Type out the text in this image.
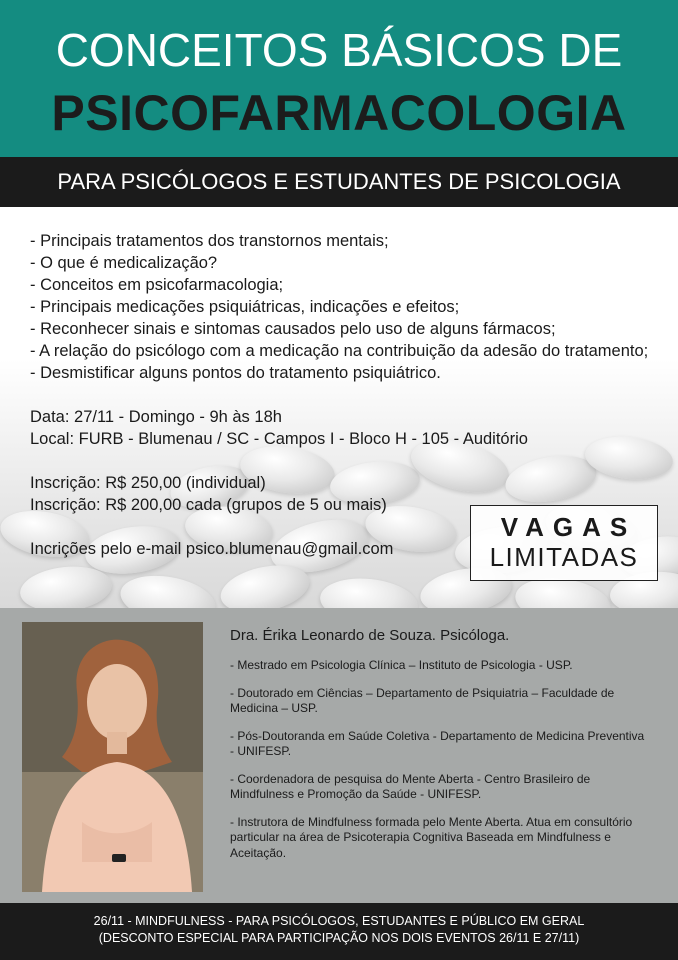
CONCEITOS BÁSICOS DE
PSICOFARMACOLOGIA
PARA PSICÓLOGOS E ESTUDANTES DE PSICOLOGIA
- Principais tratamentos dos transtornos mentais;
- O que é medicalização?
- Conceitos em psicofarmacologia;
- Principais medicações psiquiátricas, indicações e efeitos;
- Reconhecer sinais e sintomas causados pelo uso de alguns fármacos;
- A relação do psicólogo com a medicação na contribuição da adesão do tratamento;
- Desmistificar alguns pontos do tratamento psiquiátrico.
Data: 27/11 - Domingo - 9h às 18h
Local: FURB - Blumenau / SC - Campos I - Bloco H - 105 - Auditório
Inscrição: R$ 250,00 (individual)
Inscrição: R$ 200,00 cada (grupos de 5 ou mais)
Incrições pelo e-mail psico.blumenau@gmail.com
VAGAS
LIMITADAS
Dra. Érika Leonardo de Souza. Psicóloga.
- Mestrado em Psicologia Clínica – Instituto de Psicologia - USP.
- Doutorado em Ciências – Departamento de Psiquiatria – Faculdade de Medicina – USP.
- Pós-Doutoranda em Saúde Coletiva - Departamento de Medicina Preventiva - UNIFESP.
- Coordenadora de pesquisa do Mente Aberta - Centro Brasileiro de Mindfulness e Promoção da Saúde - UNIFESP.
- Instrutora de Mindfulness formada pelo Mente Aberta. Atua em consultório particular na área de Psicoterapia Cognitiva Baseada em Mindfulness e Aceitação.
26/11 - MINDFULNESS - PARA PSICÓLOGOS, ESTUDANTES E PÚBLICO EM GERAL
(DESCONTO ESPECIAL PARA PARTICIPAÇÃO NOS DOIS EVENTOS 26/11 E 27/11)
